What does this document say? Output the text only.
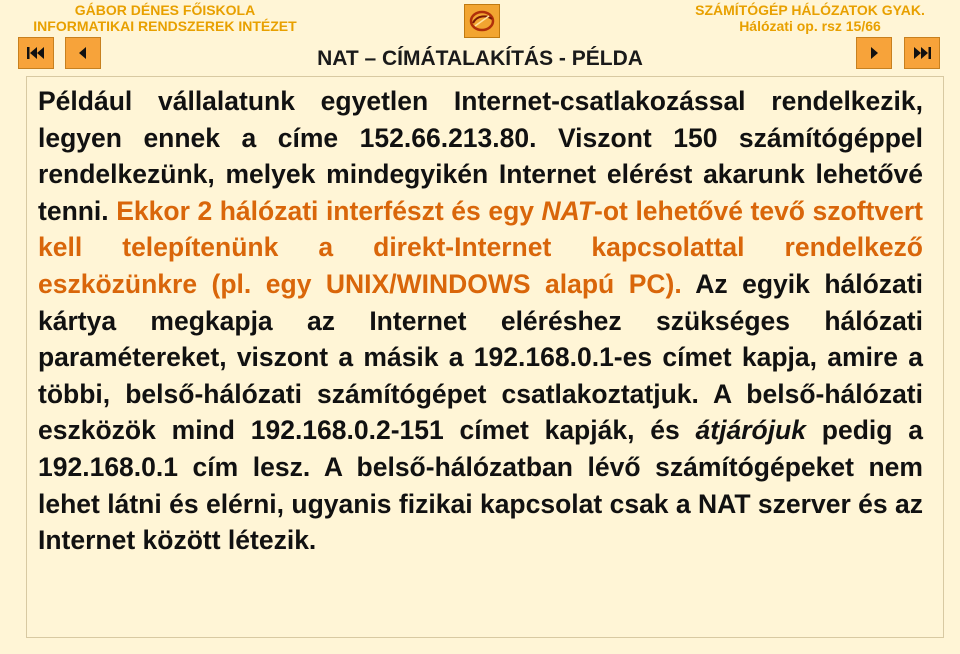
GÁBOR DÉNES FŐISKOLA
INFORMATIKAI RENDSZEREK INTÉZET
SZÁMÍTÓGÉP HÁLÓZATOK GYAK.
Hálózati op. rsz 15/66
NAT – CÍMÁTALAKÍTÁS - PÉLDA

Például vállalatunk egyetlen Internet-csatlakozással rendelkezik, legyen ennek a címe 152.66.213.80. Viszont 150 számítógéppel rendelkezünk, melyek mindegyikén Internet elérést akarunk lehetővé tenni. Ekkor 2 hálózati interfészt és egy NAT-ot lehetővé tevő szoftvert kell telepítenünk a direkt-Internet kapcsolattal rendelkező eszközünkre (pl. egy UNIX/WINDOWS alapú PC). Az egyik hálózati kártya megkapja az Internet eléréshez szükséges hálózati paramétereket, viszont a másik a 192.168.0.1-es címet kapja, amire a többi, belső-hálózati számítógépet csatlakoztatjuk. A belső-hálózati eszközök mind 192.168.0.2-151 címet kapják, és átjárójuk pedig a 192.168.0.1 cím lesz. A belső-hálózatban lévő számítógépeket nem lehet látni és elérni, ugyanis fizikai kapcsolat csak a NAT szerver és az Internet között létezik.
